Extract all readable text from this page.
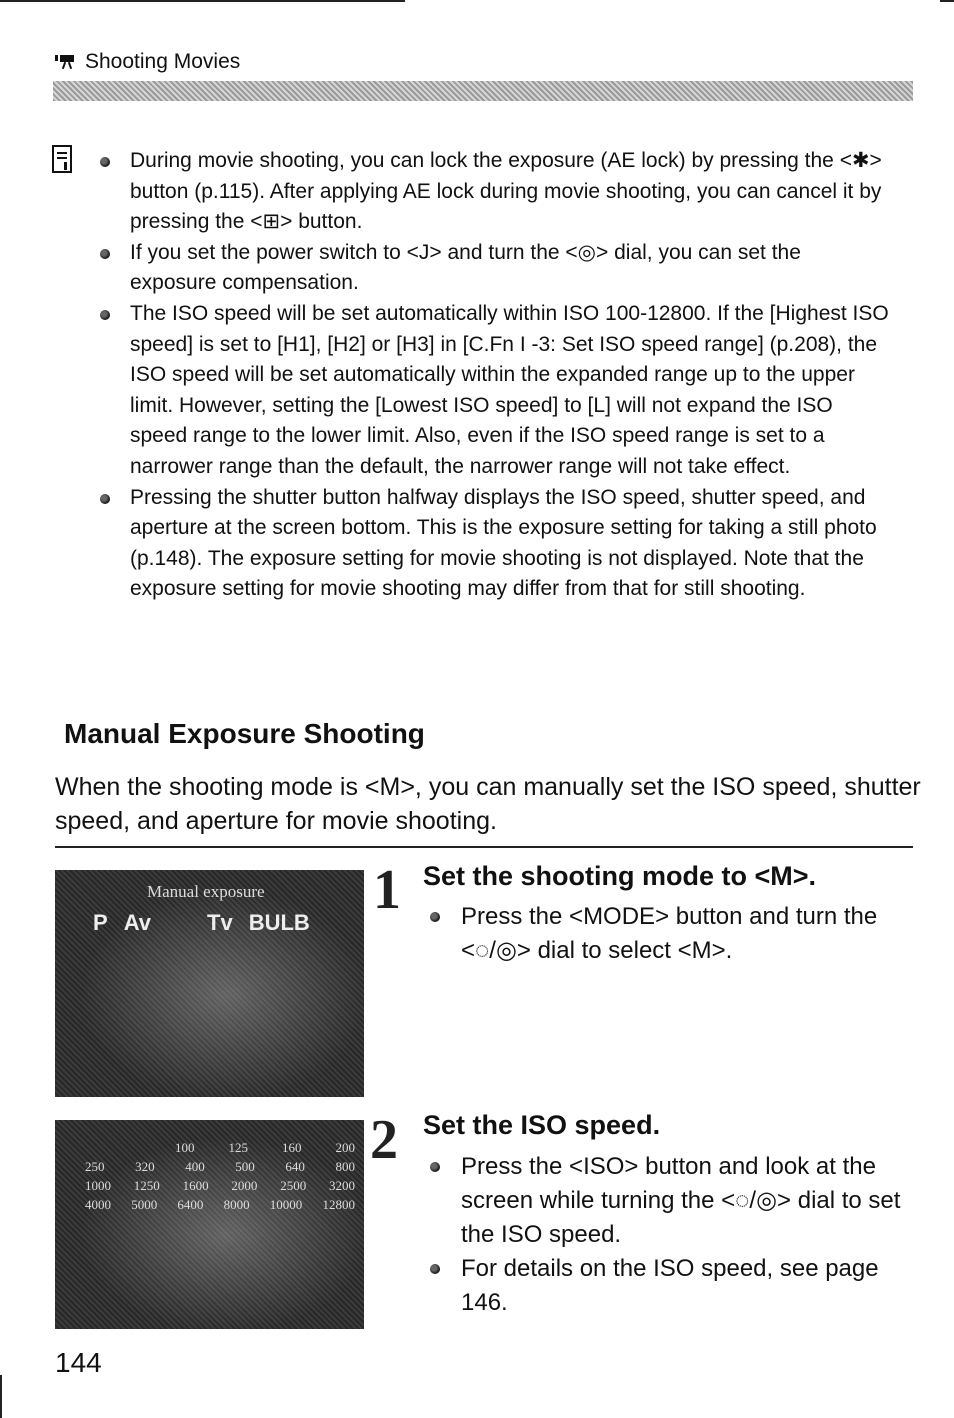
Shooting Movies
During movie shooting, you can lock the exposure (AE lock) by pressing the <✱> button (p.115). After applying AE lock during movie shooting, you can cancel it by pressing the <⊞> button.
If you set the power switch to <J> and turn the <◎> dial, you can set the exposure compensation.
The ISO speed will be set automatically within ISO 100-12800. If the [Highest ISO speed] is set to [H1], [H2] or [H3] in [C.Fn I -3: Set ISO speed range] (p.208), the ISO speed will be set automatically within the expanded range up to the upper limit. However, setting the [Lowest ISO speed] to [L] will not expand the ISO speed range to the lower limit. Also, even if the ISO speed range is set to a narrower range than the default, the narrower range will not take effect.
Pressing the shutter button halfway displays the ISO speed, shutter speed, and aperture at the screen bottom. This is the exposure setting for taking a still photo (p.148). The exposure setting for movie shooting is not displayed. Note that the exposure setting for movie shooting may differ from that for still shooting.
Manual Exposure Shooting
When the shooting mode is <M>, you can manually set the ISO speed, shutter speed, and aperture for movie shooting.
Manual exposure
P Av	Tv BULB
1 Set the shooting mode to <M>.
Press the <MODE> button and turn the <◌/◎> dial to select <M>.
100	125	160	200
250 320 400 500 640 800
1000 1250 1600 2000 2500 3200
4000 5000 6400 8000 10000 12800
2 Set the ISO speed.
Press the <ISO> button and look at the screen while turning the <◌/◎> dial to set the ISO speed.
For details on the ISO speed, see page 146.
144
